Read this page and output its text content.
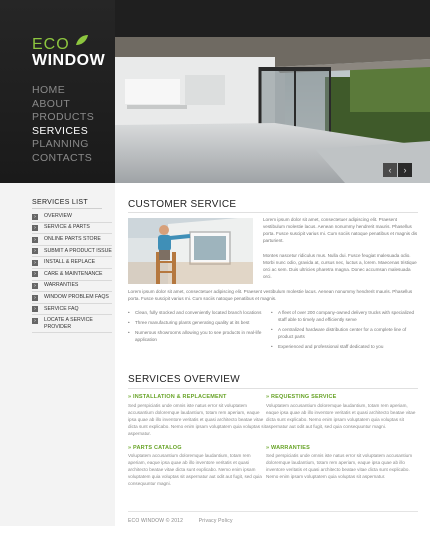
ECO
WINDOW
HOME
ABOUT
PRODUCTS
SERVICES
PLANNING
CONTACTS
‹	›
SERVICES LIST
›	OVERVIEW
›	SERVICE & PARTS
›	ONLINE PARTS STORE
›	SUBMIT A PRODUCT ISSUE
›	INSTALL & REPLACE
›	CARE & MAINTENANCE
›	WARRANTIES
›	WINDOW PROBLEM FAQS
›	SERVICE FAQ
›	LOCATE A SERVICE PROVIDER
CUSTOMER SERVICE

Lorem ipsum dolor sit amet, consectetuer adipiscing elit. Praesent vestibulum molestie lacus. Aenean nonummy hendrerit mauris. Phasellus porta. Fusce suscipit varius mi. Cum sociis natoque penatibus et magnis dis parturient.

Montes nascetur ridiculus mus. Nulla dui. Fusce feugiat malesuada odio. Morbi nunc odio, gravida at, cursus nec, luctus a, lorem. Maecenas tristique orci ac sem. Duis ultricies pharetra magna. Donec accumsan malesuada orci.

Lorem ipsum dolor sit amet, consectetuer adipiscing elit. Praesent vestibulum molestie lacus. Aenean nonummy hendrerit mauris. Phasellus porta. Fusce suscipit varius mi. Cum sociis natoque penatibus et magnis.

• Clean, fully stocked and conveniently located branch locations
• Three manufacturing plants generating quality at its best
• Numerous showrooms allowing you to see products in real-life application
• A fleet of over 200 company-owned delivery trucks with specialized staff able to timely and efficiently serve
• A centralized hardware distribution center for a complete line of product parts
• Experienced and professional staff dedicated to you
SERVICES OVERVIEW
» INSTALLATION & REPLACEMENT

Sed perspiciatis unde omnis iste natus error sit voluptatem accusantium doloremque laudantium, totam rem aperiam, eaque ipsa quae ab illo inventore veritatis et quasi architecto beatae vitae dicta sunt explicabo. Nemo enim ipsam voluptatem quia voluptas sit aspernatur.

» REQUESTING SERVICE

Voluptatem accusantium doloremque laudantium, totam rem aperiam, eaque ipsa quae ab illo inventore veritatis et quasi architecto beatae vitae dicta sunt explicabo. Nemo enim ipsam voluptatem quia voluptas sit aspernatur aut odit aut fugit, sed quia consequuntur magni.

» PARTS CATALOG

Voluptatem accusantium doloremque laudantium, totam rem aperiam, eaque ipsa quae ab illo inventore veritatis et quasi architecto beatae vitae dicta sunt explicabo. Nemo enim ipsam voluptatem quia voluptas sit aspernatur aut odit aut fugit, sed quia consequuntur magni.

» WARRANTIES

Sed perspiciatis unde omnis iste natus error sit voluptatem accusantium doloremque laudantium, totam rem aperiam, eaque ipsa quae ab illo inventore veritatis et quasi architecto beatae vitae dicta sunt explicabo. Nemo enim ipsam voluptatem quia voluptas sit aspernatur.

ECO WINDOW © 2012	Privacy Policy
